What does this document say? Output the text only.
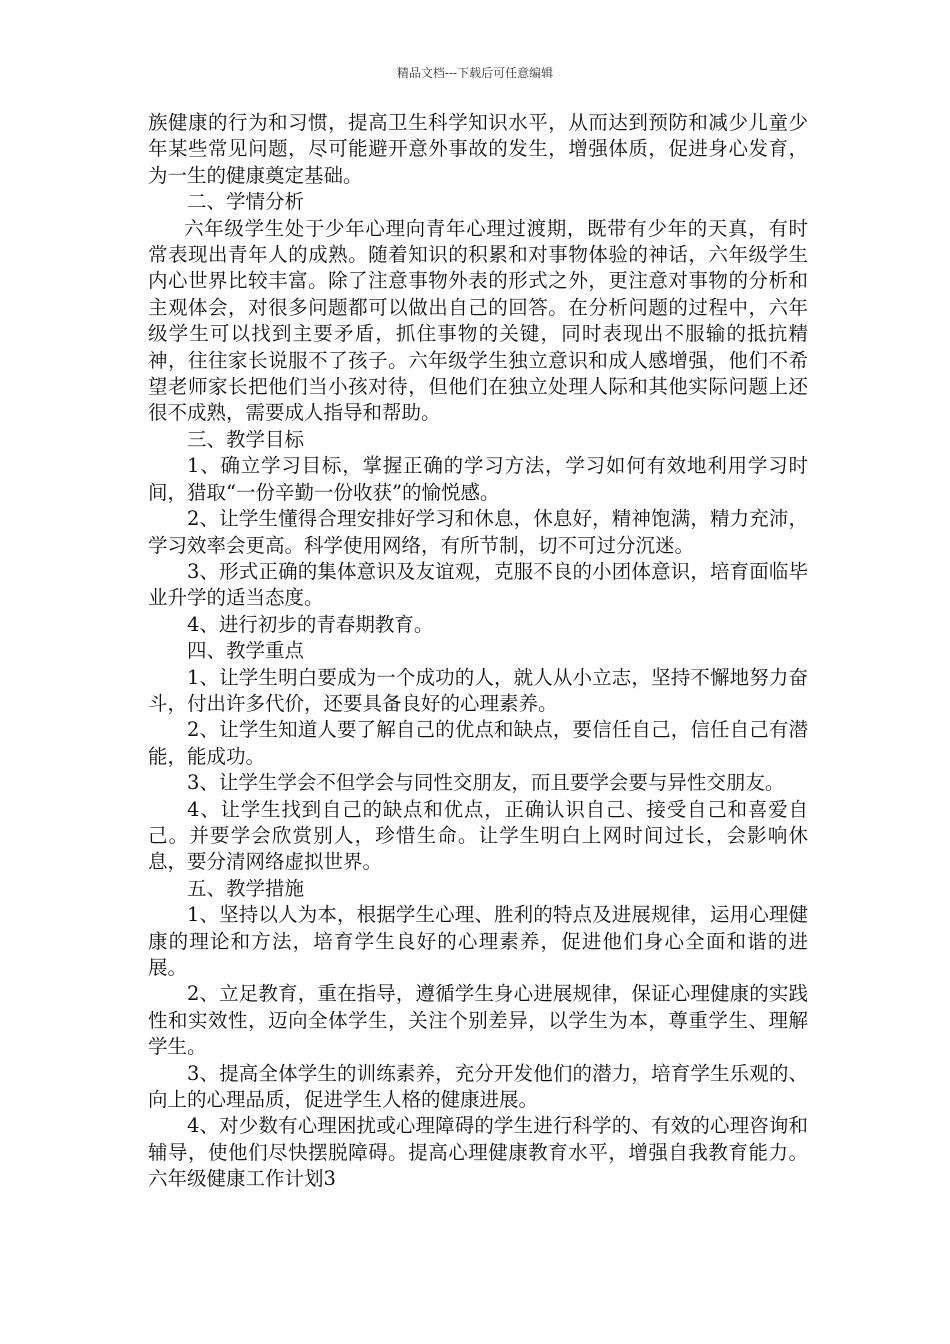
精品文档---下载后可任意编辑

族健康的行为和习惯，提高卫生科学知识水平，从而达到预防和减少儿童少年某些常见问题，尽可能避开意外事故的发生，增强体质，促进身心发育，为一生的健康奠定基础。

二、学情分析

六年级学生处于少年心理向青年心理过渡期，既带有少年的天真，有时常表现出青年人的成熟。随着知识的积累和对事物体验的神话，六年级学生内心世界比较丰富。除了注意事物外表的形式之外，更注意对事物的分析和主观体会，对很多问题都可以做出自己的回答。在分析问题的过程中，六年级学生可以找到主要矛盾，抓住事物的关键，同时表现出不服输的抵抗精神，往往家长说服不了孩子。六年级学生独立意识和成人感增强，他们不希望老师家长把他们当小孩对待，但他们在独立处理人际和其他实际问题上还很不成熟，需要成人指导和帮助。

三、教学目标

1、确立学习目标，掌握正确的学习方法，学习如何有效地利用学习时间，猎取“一份辛勤一份收获”的愉悦感。

2、让学生懂得合理安排好学习和休息，休息好，精神饱满，精力充沛，学习效率会更高。科学使用网络，有所节制，切不可过分沉迷。

3、形式正确的集体意识及友谊观，克服不良的小团体意识，培育面临毕业升学的适当态度。

4、进行初步的青春期教育。

四、教学重点

1、让学生明白要成为一个成功的人，就人从小立志，坚持不懈地努力奋斗，付出许多代价，还要具备良好的心理素养。

2、让学生知道人要了解自己的优点和缺点，要信任自己，信任自己有潜能，能成功。

3、让学生学会不但学会与同性交朋友，而且要学会要与异性交朋友。

4、让学生找到自己的缺点和优点，正确认识自己、接受自己和喜爱自己。并要学会欣赏别人，珍惜生命。让学生明白上网时间过长，会影响休息，要分清网络虚拟世界。

五、教学措施

1、坚持以人为本，根据学生心理、胜利的特点及进展规律，运用心理健康的理论和方法，培育学生良好的心理素养，促进他们身心全面和谐的进展。

2、立足教育，重在指导，遵循学生身心进展规律，保证心理健康的实践性和实效性，迈向全体学生，关注个别差异，以学生为本，尊重学生、理解学生。

3、提高全体学生的训练素养，充分开发他们的潜力，培育学生乐观的、向上的心理品质，促进学生人格的健康进展。

4、对少数有心理困扰或心理障碍的学生进行科学的、有效的心理咨询和辅导，使他们尽快摆脱障碍。提高心理健康教育水平，增强自我教育能力。六年级健康工作计划3
